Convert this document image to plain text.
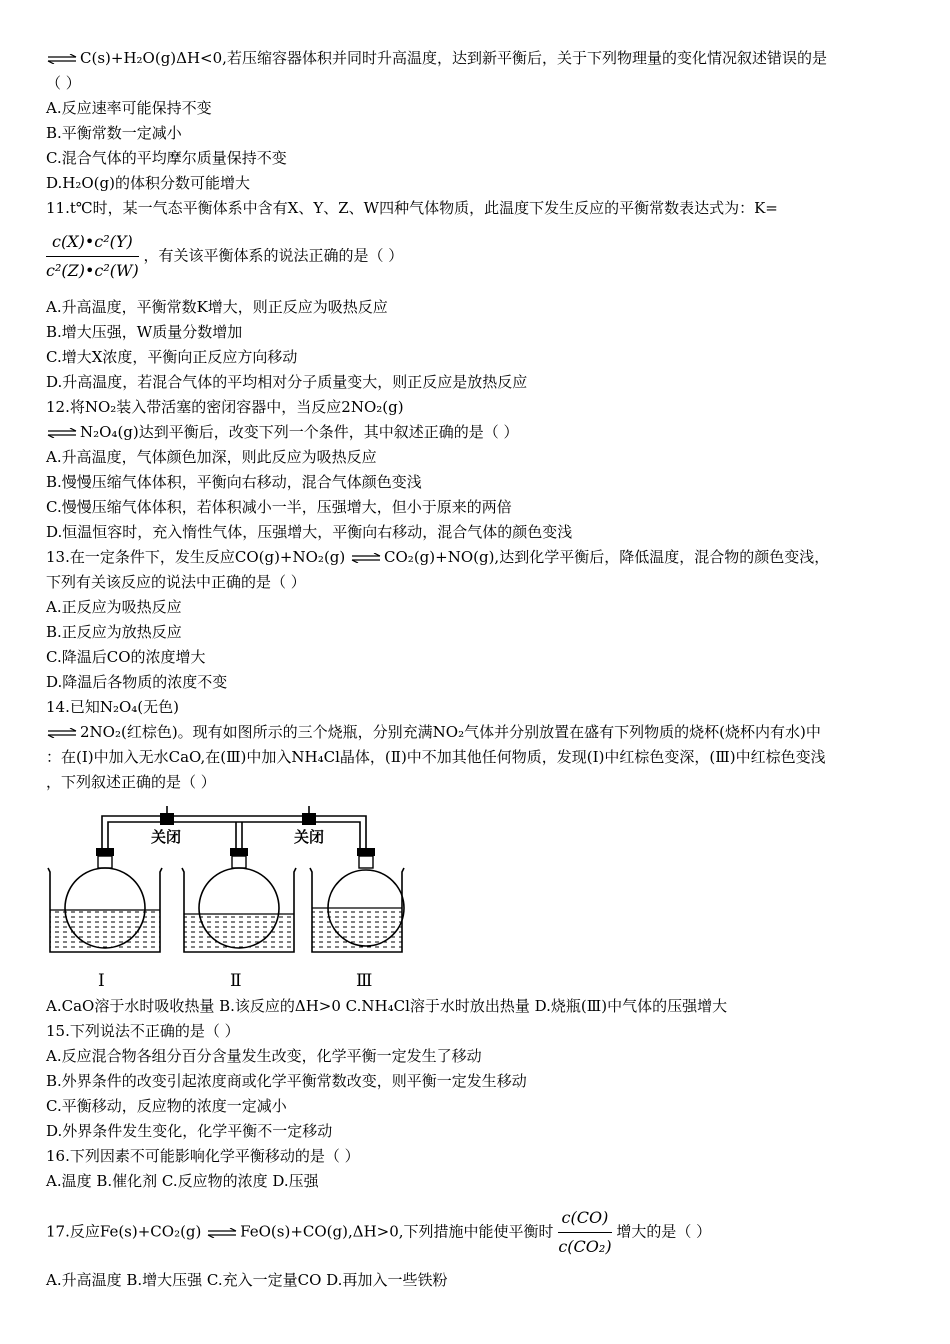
⇌ C(s)+H₂O(g)ΔH<0,若压缩容器体积并同时升高温度，达到新平衡后，关于下列物理量的变化情况叙述错误的是
（ ）
A.反应速率可能保持不变
B.平衡常数一定减小
C.混合气体的平均摩尔质量保持不变
D.H₂O(g)的体积分数可能增大
11.t℃时，某一气态平衡体系中含有X、Y、Z、W四种气体物质，此温度下发生反应的平衡常数表达式为：K=
$\frac{\text{c(X)•c²(Y)}}{\text{c²(Z)•c²(W)}}$ ，有关该平衡体系的说法正确的是（ ）
A.升高温度，平衡常数K增大，则正反应为吸热反应
B.增大压强，W质量分数增加
C.增大X浓度，平衡向正反应方向移动
D.升高温度，若混合气体的平均相对分子质量变大，则正反应是放热反应
12.将NO₂装入带活塞的密闭容器中，当反应2NO₂(g)
⇌ N₂O₄(g)达到平衡后，改变下列一个条件，其中叙述正确的是（ ）
A.升高温度，气体颜色加深，则此反应为吸热反应
B.慢慢压缩气体体积，平衡向右移动，混合气体颜色变浅
C.慢慢压缩气体体积，若体积减小一半，压强增大，但小于原来的两倍
D.恒温恒容时，充入惰性气体，压强增大，平衡向右移动，混合气体的颜色变浅
13.在一定条件下，发生反应CO(g)+NO₂(g) ⇌ CO₂(g)+NO(g),达到化学平衡后，降低温度，混合物的颜色变浅，
下列有关该反应的说法中正确的是（ ）
A.正反应为吸热反应
B.正反应为放热反应
C.降温后CO的浓度增大
D.降温后各物质的浓度不变
14.已知N₂O₄(无色)
⇌ 2NO₂(红棕色)。现有如图所示的三个烧瓶，分别充满NO₂气体并分别放置在盛有下列物质的烧杯(烧杯内有水)中
：在(I)中加入无水CaO,在(Ⅲ)中加入NH₄Cl晶体，(Ⅱ)中不加其他任何物质，发现(I)中红棕色变深，(Ⅲ)中红棕色变浅
，下列叙述正确的是（ ）
关闭	关闭
Ⅰ	Ⅱ	Ⅲ
A.CaO溶于水时吸收热量 B.该反应的ΔH>0 C.NH₄Cl溶于水时放出热量 D.烧瓶(Ⅲ)中气体的压强增大
15.下列说法不正确的是（ ）
A.反应混合物各组分百分含量发生改变，化学平衡一定发生了移动
B.外界条件的改变引起浓度商或化学平衡常数改变，则平衡一定发生移动
C.平衡移动，反应物的浓度一定减小
D.外界条件发生变化，化学平衡不一定移动
16.下列因素不可能影响化学平衡移动的是（ ）
A.温度 B.催化剂 C.反应物的浓度 D.压强
17.反应Fe(s)+CO₂(g) ⇌ FeO(s)+CO(g),ΔH>0,下列措施中能使平衡时 $\frac{c(CO)}{\text{c(CO₂)}}$ 增大的是（ ）
A.升高温度 B.增大压强 C.充入一定量CO D.再加入一些铁粉
